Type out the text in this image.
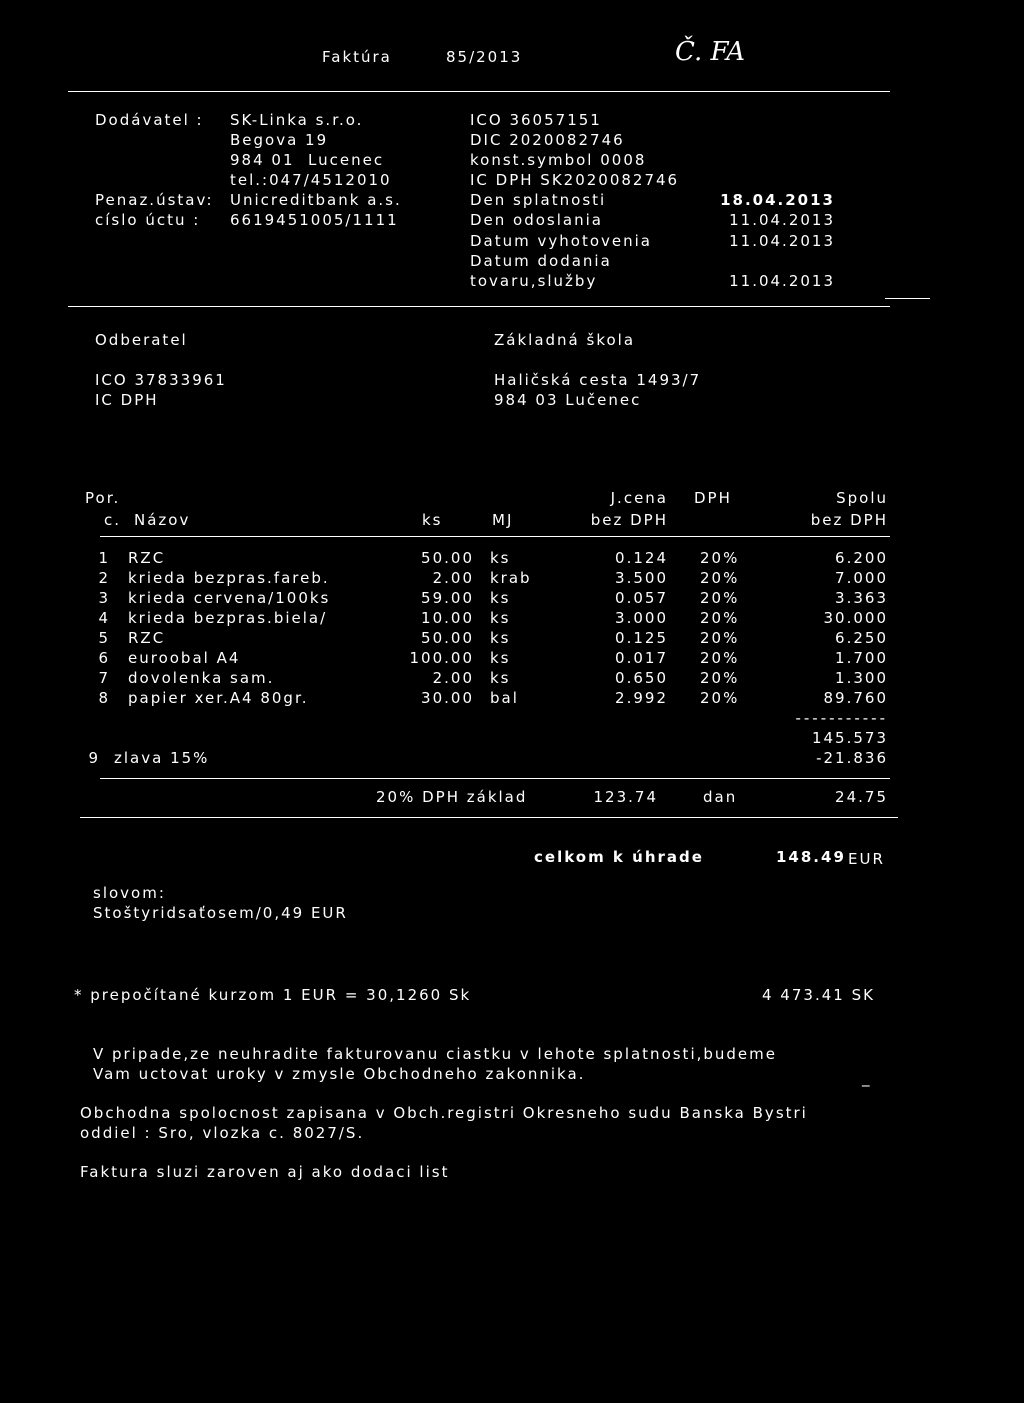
Faktúra	85/2013	Č. FA
Dodávatel : SK-Linka s.r.o.
Begova 19
984 01  Lucenec
tel.:047/4512010
Penaz.ústav: Unicreditbank a.s.
císlo úctu : 6619451005/1111
ICO 36057151
DIC 2020082746
konst.symbol 0008
IC DPH SK2020082746
Den splatnosti	18.04.2013
Den odoslania	11.04.2013
Datum vyhotovenia	11.04.2013
Datum dodania
tovaru,služby	11.04.2013
Odberatel
ICO 37833961
IC DPH
Základná škola
Haličská cesta 1493/7
984 03 Lučenec
Por.
c. Názov	ks	MJ
J.cena
bez DPH
DPH	Spolu
bez DPH
1 RZC	50.00 ks	0.124 20%	6.200
2 krieda bezpras.fareb.	2.00 krab	3.500 20%	7.000
3 krieda cervena/100ks	59.00 ks	0.057 20%	3.363
4 krieda bezpras.biela/	10.00 ks	3.000 20%	30.000
5 RZC	50.00 ks	0.125 20%	6.250
6 euroobal A4	100.00 ks	0.017 20%	1.700
7 dovolenka sam.	2.00 ks	0.650 20%	1.300
8 papier xer.A4 80gr.	30.00 bal	2.992 20%	89.760
-----------
145.573
9 zlava 15%	-21.836
20% DPH základ	123.74	dan	24.75
celkom k úhrade	148.49 EUR
slovom:
Stoštyridsaťosem/0,49 EUR
* prepočítané kurzom 1 EUR = 30,1260 Sk	4 473.41 SK
V pripade,ze neuhradite fakturovanu ciastku v lehote splatnosti,budeme
Vam uctovat uroky v zmysle Obchodneho zakonnika.	_
Obchodna spolocnost zapisana v Obch.registri Okresneho sudu Banska Bystri
oddiel : Sro, vlozka c. 8027/S.
Faktura sluzi zaroven aj ako dodaci list
